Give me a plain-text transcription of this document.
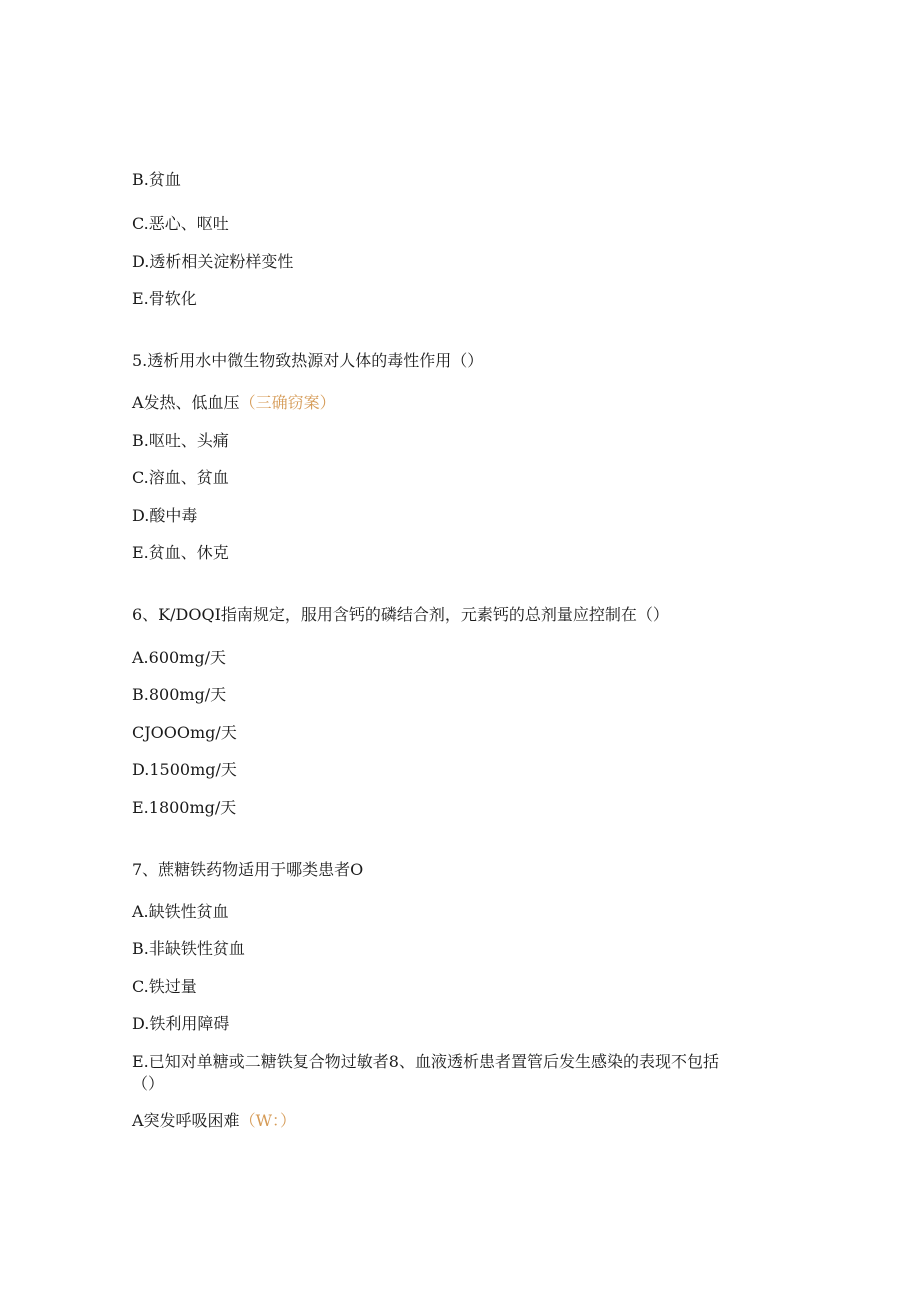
B.贫血
C.恶心、呕吐
D.透析相关淀粉样变性
E.骨软化
5.透析用水中微生物致热源对人体的毒性作用（）
A发热、低血压（三确窃案）
B.呕吐、头痛
C.溶血、贫血
D.酸中毒
E.贫血、休克
6、K/DOQI指南规定，服用含钙的磷结合剂，元素钙的总剂量应控制在（）
A.600mg∕天
B.800mg∕天
CJOOOmg∕天
D.1500mg∕天
E.1800mg∕天
7、蔗糖铁药物适用于哪类患者O
A.缺铁性贫血
B.非缺铁性贫血
C.铁过量
D.铁利用障碍
E.已知对单糖或二糖铁复合物过敏者8、血液透析患者置管后发生感染的表现不包括
（）
A突发呼吸困难（W：）
